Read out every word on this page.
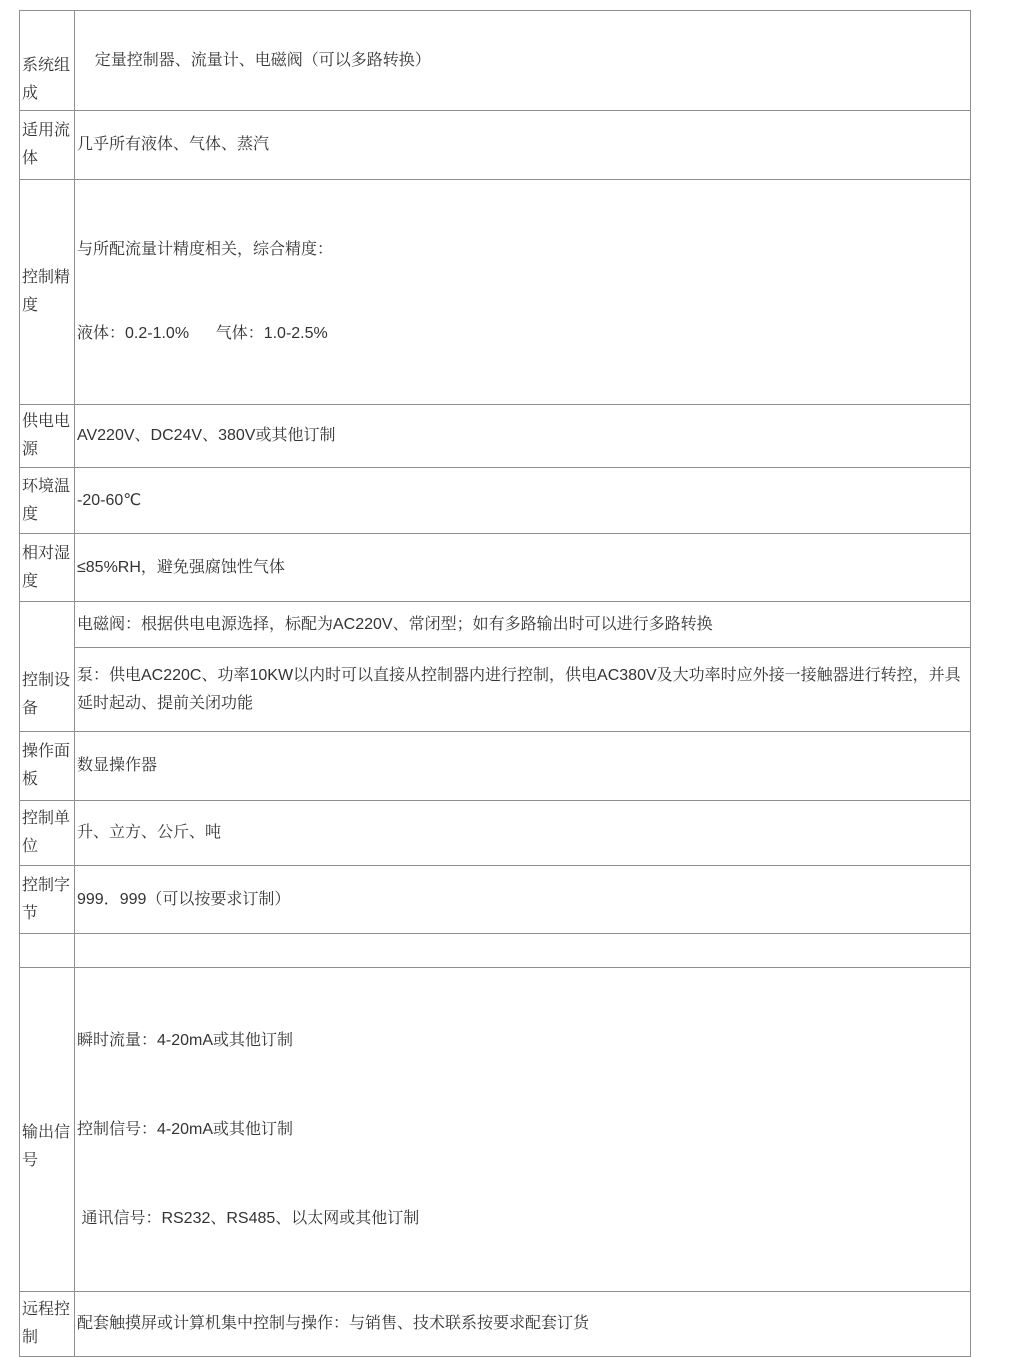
系统组成	定量控制器、流量计、电磁阀（可以多路转换）
适用流体	几乎所有液体、气体、蒸汽
控制精度	与所配流量计精度相关，综合精度：

液体：0.2-1.0%      气体：1.0-2.5%

供电电源	AV220V、DC24V、380V或其他订制
环境温度	-20-60℃
相对湿度	≤85%RH，避免强腐蚀性气体
控制设备	电磁阀：根据供电电源选择，标配为AC220V、常闭型；如有多路输出时可以进行多路转换
	泵：供电AC220C、功率10KW以内时可以直接从控制器内进行控制，供电AC380V及大功率时应外接一接触器进行转控，并具延时起动、提前关闭功能
操作面板	数显操作器
控制单位	升、立方、公斤、吨
控制字节	999．999（可以按要求订制）

输出信号	瞬时流量：4-20mA或其他订制

控制信号：4-20mA或其他订制

通讯信号：RS232、RS485、以太网或其他订制

远程控制	配套触摸屏或计算机集中控制与操作：与销售、技术联系按要求配套订货
